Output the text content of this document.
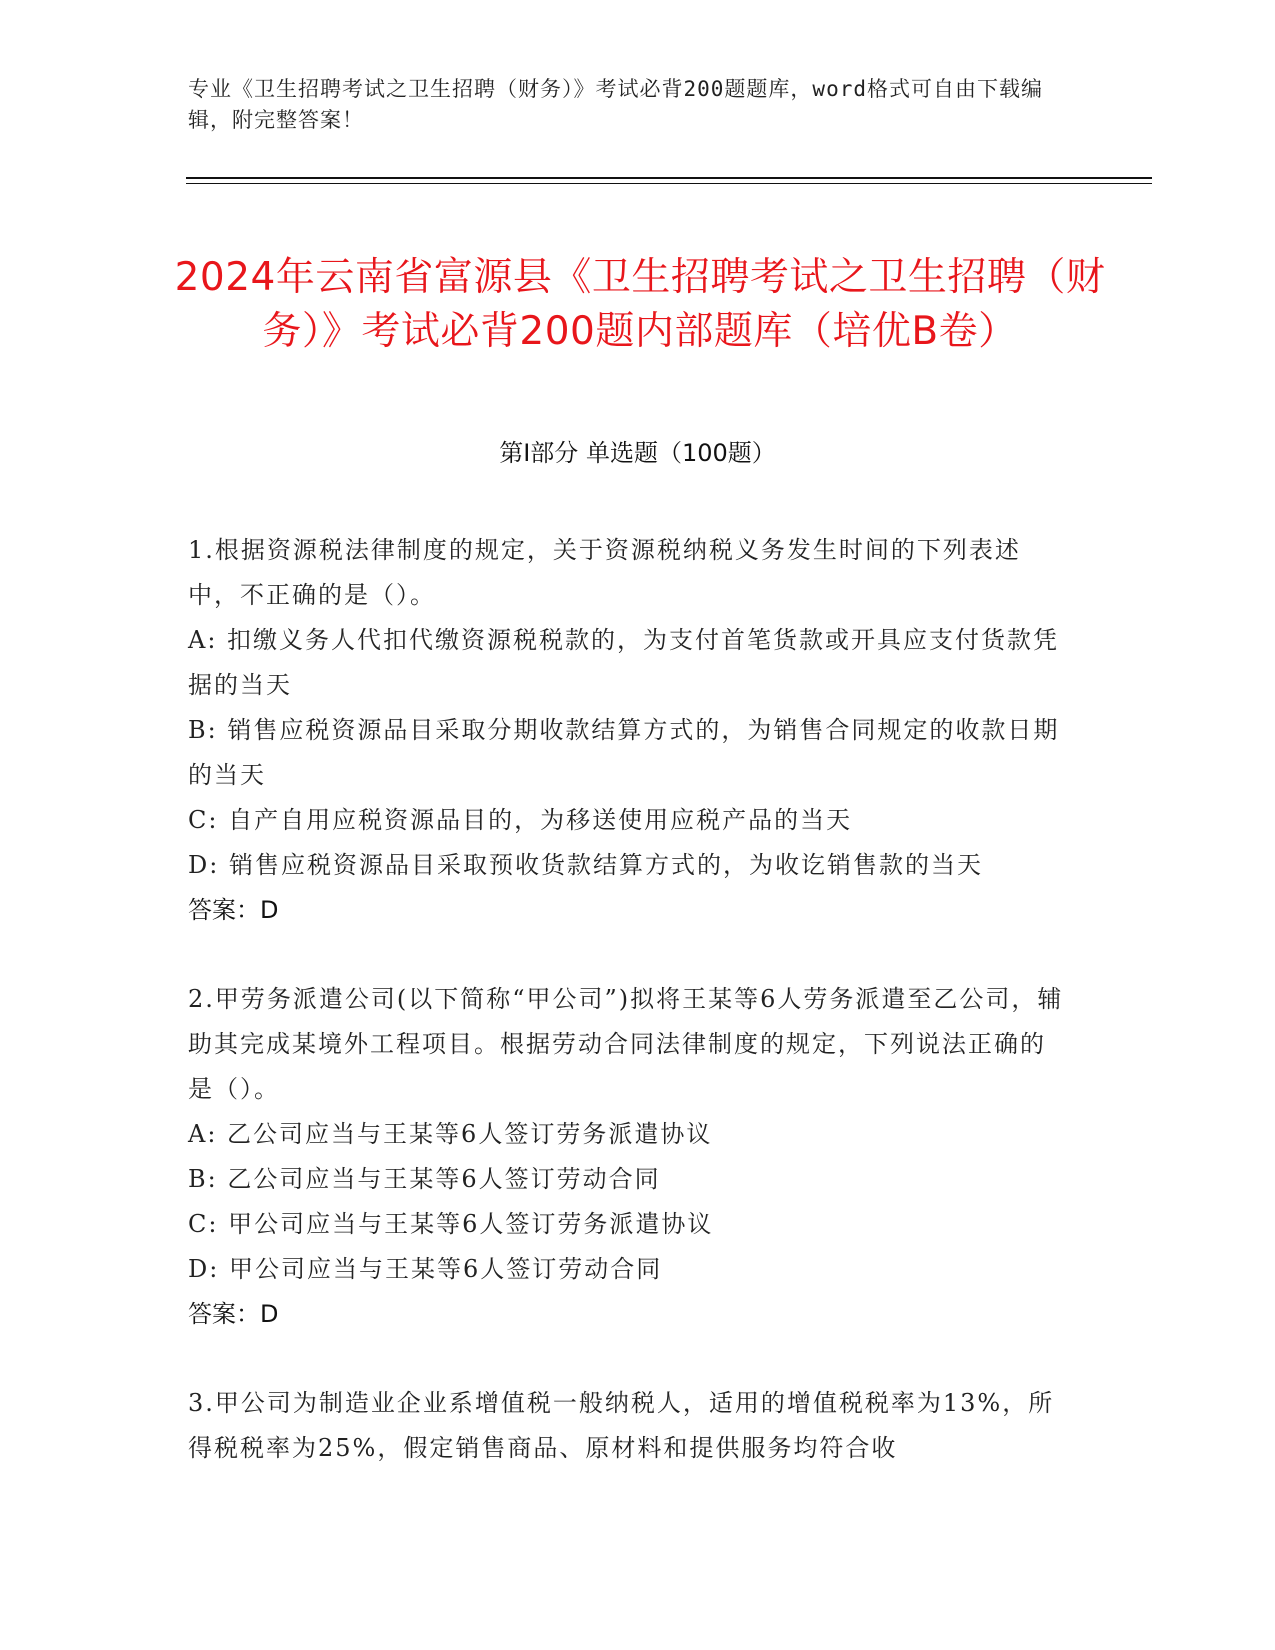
专业《卫生招聘考试之卫生招聘（财务）》考试必背200题题库，word格式可自由下载编辑，附完整答案！
2024年云南省富源县《卫生招聘考试之卫生招聘（财务）》考试必背200题内部题库（培优B卷）
第I部分 单选题（100题）
1.根据资源税法律制度的规定，关于资源税纳税义务发生时间的下列表述中，不正确的是（）。
A: 扣缴义务人代扣代缴资源税税款的，为支付首笔货款或开具应支付货款凭据的当天
B: 销售应税资源品目采取分期收款结算方式的，为销售合同规定的收款日期的当天
C: 自产自用应税资源品目的，为移送使用应税产品的当天
D: 销售应税资源品目采取预收货款结算方式的，为收讫销售款的当天
答案：D
2.甲劳务派遣公司(以下简称“甲公司”)拟将王某等6人劳务派遣至乙公司，辅助其完成某境外工程项目。根据劳动合同法律制度的规定，下列说法正确的是（）。
A: 乙公司应当与王某等6人签订劳务派遣协议
B: 乙公司应当与王某等6人签订劳动合同
C: 甲公司应当与王某等6人签订劳务派遣协议
D: 甲公司应当与王某等6人签订劳动合同
答案：D
3.甲公司为制造业企业系增值税一般纳税人，适用的增值税税率为13%，所得税税率为25%，假定销售商品、原材料和提供服务均符合收
